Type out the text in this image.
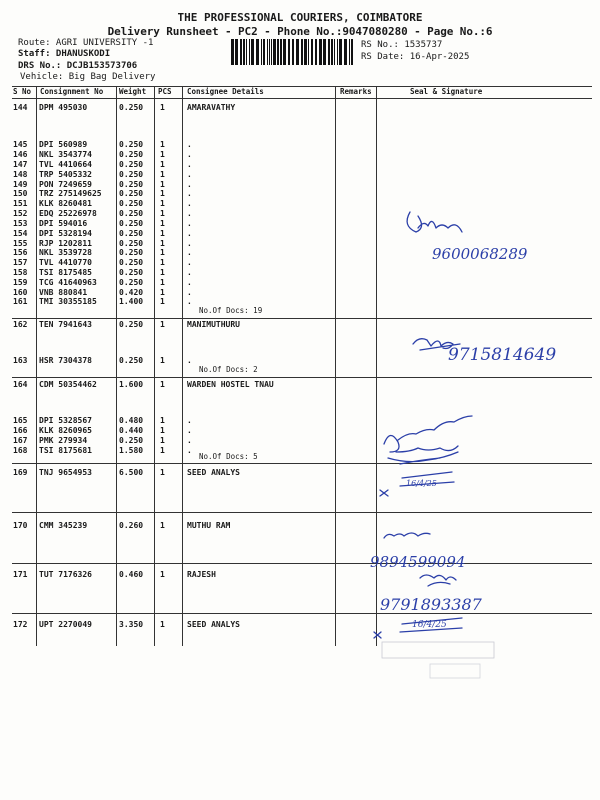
THE PROFESSIONAL COURIERS, COIMBATORE
Delivery Runsheet - PC2 - Phone No.:9047080280 - Page No.:6
Route: AGRI UNIVERSITY -1
Staff: DHANUSKODI
DRS No.: DCJB153573706
Vehicle: Big Bag Delivery
RS No.: 1535737
RS Date: 16-Apr-2025
S No Consignment No Weight PCS Consignee Details	Remarks	Seal & Signature
144 DPM 495030	0.250 1	AMARAVATHY
145 DPI 560989	0.250 1	.
146 NKL 3543774	0.250 1	.
147 TVL 4410664	0.250 1	.
148 TRP 5405332	0.250 1	.
149 PON 7249659	0.250 1	.
150 TRZ 275149625 0.250 1	.
151 KLK 8260481	0.250 1	.
152 EDQ 25226978	0.250 1	.
153 DPI 594016	0.250 1	.
154 DPI 5328194	0.250 1	.
155 RJP 1202811	0.250 1	.
156 NKL 3539728	0.250 1	.
157 TVL 4410770	0.250 1	.
158 TSI 8175485	0.250 1	.
159 TCG 41640963	0.250 1	.
160 VNB 880841	0.420 1	.
161 TMI 30355185	1.400 1	.
162 TEN 7941643	0.250 1	MANIMUTHURU
163 HSR 7304378	0.250 1	.
164 CDM 50354462	1.600 1	WARDEN HOSTEL TNAU
165 DPI 5328567	0.480 1	.
166 KLK 8260965	0.440 1	.
167 PMK 279934	0.250 1	.
168 TSI 8175681	1.580 1	.
169 TNJ 9654953	6.500 1	SEED ANALYS
170 CMM 345239	0.260 1	MUTHU RAM
171 TUT 7176326	0.460 1	RAJESH
172 UPT 2270049	3.350 1	SEED ANALYS
No.Of Docs: 19
No.Of Docs: 2
No.Of Docs: 5
9600068289
9715814649
16/4/25
9894599094
9791893387
16/4/25
